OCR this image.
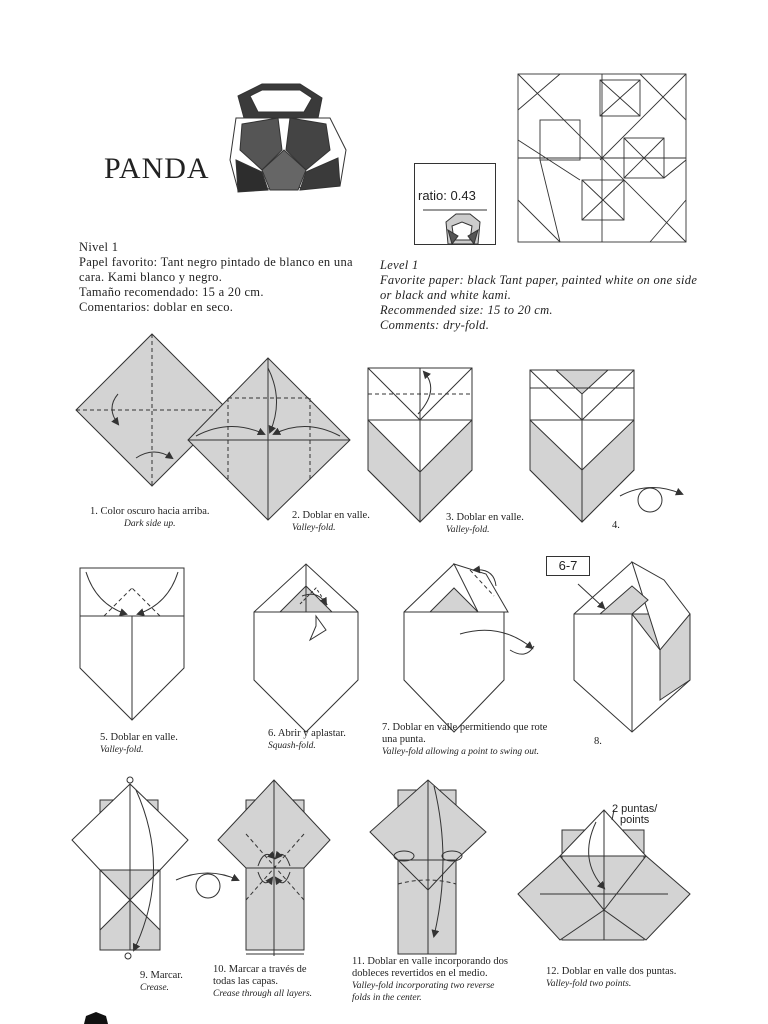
PANDA
ratio: 0.43
Nivel 1
Papel favorito: Tant negro pintado de blanco en una
cara. Kami blanco y negro.
Tamaño recomendado: 15 a 20 cm.
Comentarios: doblar en seco.
Level 1
Favorite paper: black Tant paper, painted white on one side
or black and white kami.
Recommended size: 15 to 20 cm.
Comments: dry-fold.
1. Color oscuro hacia arriba.
Dark side up.
2. Doblar en valle.
Valley-fold.
3. Doblar en valle.
Valley-fold.	4.
5. Doblar en valle.
Valley-fold.
6. Abrir y aplastar.
Squash-fold.
7. Doblar en valle permitiendo que rote
una punta.
Valley-fold allowing a point to swing out.
8.
9. Marcar.
Crease.
10. Marcar a través de
todas las capas.
Crease through all layers.
11. Doblar en valle incorporando dos
dobleces revertidos en el medio.
Valley-fold incorporating two reverse
folds in the center.
12. Doblar en valle dos puntas.
Valley-fold two points.
6-7
2 puntas/
points
